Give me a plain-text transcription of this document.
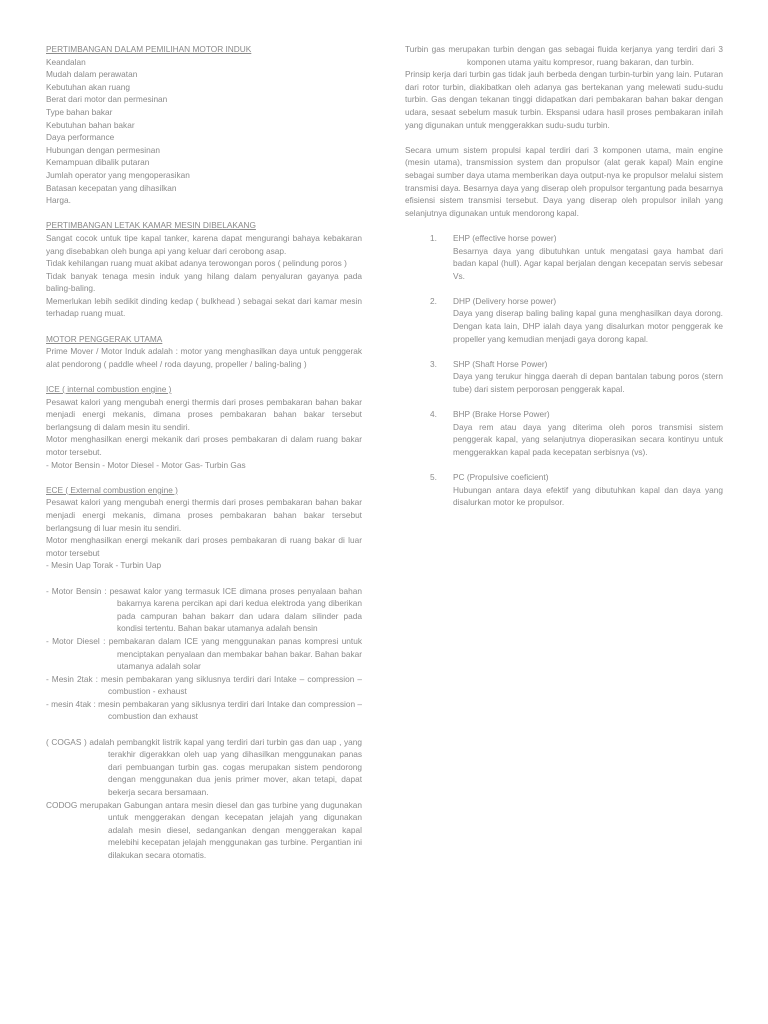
PERTIMBANGAN DALAM PEMILIHAN MOTOR INDUK
Keandalan
Mudah dalam perawatan
Kebutuhan akan ruang
Berat dari motor dan permesinan
Type bahan bakar
Kebutuhan bahan bakar
Daya performance
Hubungan dengan permesinan
Kemampuan dibalik putaran
Jumlah operator yang mengoperasikan
Batasan kecepatan yang dihasilkan
Harga.
PERTIMBANGAN LETAK KAMAR MESIN DIBELAKANG
Sangat cocok untuk tipe kapal tanker, karena dapat mengurangi bahaya kebakaran yang disebabkan oleh bunga api yang keluar dari cerobong asap.
Tidak kehilangan ruang muat akibat adanya terowongan poros ( pelindung poros )
Tidak banyak tenaga mesin induk yang hilang dalam penyaluran gayanya pada baling-baling.
Memerlukan lebih sedikit dinding kedap ( bulkhead ) sebagai sekat dari kamar mesin terhadap ruang muat.
MOTOR PENGGERAK UTAMA
Prime Mover / Motor Induk adalah : motor yang menghasilkan daya untuk penggerak alat pendorong ( paddle wheel / roda dayung, propeller / baling-baling )
ICE ( internal combustion engine )
Pesawat kalori yang mengubah energi thermis dari proses pembakaran bahan bakar menjadi energi mekanis, dimana proses pembakaran bahan bakar tersebut berlangsung di dalam mesin itu sendiri.
Motor menghasilkan energi mekanik dari proses pembakaran di dalam ruang bakar motor tersebut.
- Motor Bensin - Motor Diesel - Motor Gas- Turbin Gas
ECE ( External combustion engine )
Pesawat kalori yang mengubah energi thermis dari proses pembakaran bahan bakar menjadi energi mekanis, dimana proses pembakaran bahan bakar tersebut berlangsung di luar mesin itu sendiri.
Motor menghasilkan energi mekanik dari proses pembakaran di ruang bakar di luar motor tersebut
- Mesin Uap Torak - Turbin Uap
- Motor Bensin : pesawat kalor yang termasuk ICE dimana proses penyalaan bahan bakarnya karena percikan api dari kedua elektroda yang diberikan pada campuran bahan bakarr dan udara dalam silinder pada kondisi tertentu. Bahan bakar utamanya adalah bensin
- Motor Diesel : pembakaran dalam ICE yang menggunakan panas kompresi untuk menciptakan penyalaan dan membakar bahan bakar. Bahan bakar utamanya adalah solar
- Mesin 2tak : mesin pembakaran yang siklusnya terdiri dari Intake – compression – combustion - exhaust
- mesin 4tak : mesin pembakaran yang siklusnya terdiri dari Intake dan compression – combustion dan exhaust
( COGAS ) adalah pembangkit listrik kapal yang terdiri dari turbin gas dan uap , yang terakhir digerakkan oleh uap yang dihasilkan menggunakan panas dari pembuangan turbin gas. cogas merupakan sistem pendorong dengan menggunakan dua jenis primer mover, akan tetapi, dapat bekerja secara bersamaan.
CODOG merupakan Gabungan antara mesin diesel dan gas turbine yang dugunakan untuk menggerakan dengan kecepatan jelajah yang digunakan adalah mesin diesel, sedangankan dengan menggerakan kapal melebihi kecepatan jelajah menggunakan gas turbine. Pergantian ini dilakukan secara otomatis.
Turbin gas merupakan turbin dengan gas sebagai fluida kerjanya yang terdiri dari 3 komponen utama yaitu kompresor, ruang bakaran, dan turbin.
Prinsip kerja dari turbin gas tidak jauh berbeda dengan turbin-turbin yang lain. Putaran dari rotor turbin, diakibatkan oleh adanya gas bertekanan yang melewati sudu-sudu turbin. Gas dengan tekanan tinggi didapatkan dari pembakaran bahan bakar dengan udara, sesaat sebelum masuk turbin. Ekspansi udara hasil proses pembakaran inilah yang digunakan untuk menggerakkan sudu-sudu turbin.
Secara umum sistem propulsi kapal terdiri dari 3 komponen utama, main engine (mesin utama), transmission system dan propulsor (alat gerak kapal) Main engine sebagai sumber daya utama memberikan daya output-nya ke propulsor melalui sistem transmisi daya. Besarnya daya yang diserap oleh propulsor tergantung pada besarnya efisiensi sistem transmisi tersebut. Daya yang diserap oleh propulsor inilah yang selanjutnya digunakan untuk mendorong kapal.
1. EHP (effective horse power)
Besarnya daya yang dibutuhkan untuk mengatasi gaya hambat dari badan kapal (hull). Agar kapal berjalan dengan kecepatan servis sebesar Vs.
2. DHP (Delivery horse power)
Daya yang diserap baling baling kapal guna menghasilkan daya dorong. Dengan kata lain, DHP ialah daya yang disalurkan motor penggerak ke propeller yang kemudian menjadi gaya dorong kapal.
3. SHP (Shaft Horse Power)
Daya yang terukur hingga daerah di depan bantalan tabung poros (stern tube) dari sistem perporosan penggerak kapal.
4. BHP (Brake Horse Power)
Daya rem atau daya yang diterima oleh poros transmisi sistem penggerak kapal, yang selanjutnya dioperasikan secara kontinyu untuk menggerakkan kapal pada kecepatan serbisnya (vs).
5. PC (Propulsive coeficient)
Hubungan antara daya efektif yang dibutuhkan kapal dan daya yang disalurkan motor ke propulsor.
